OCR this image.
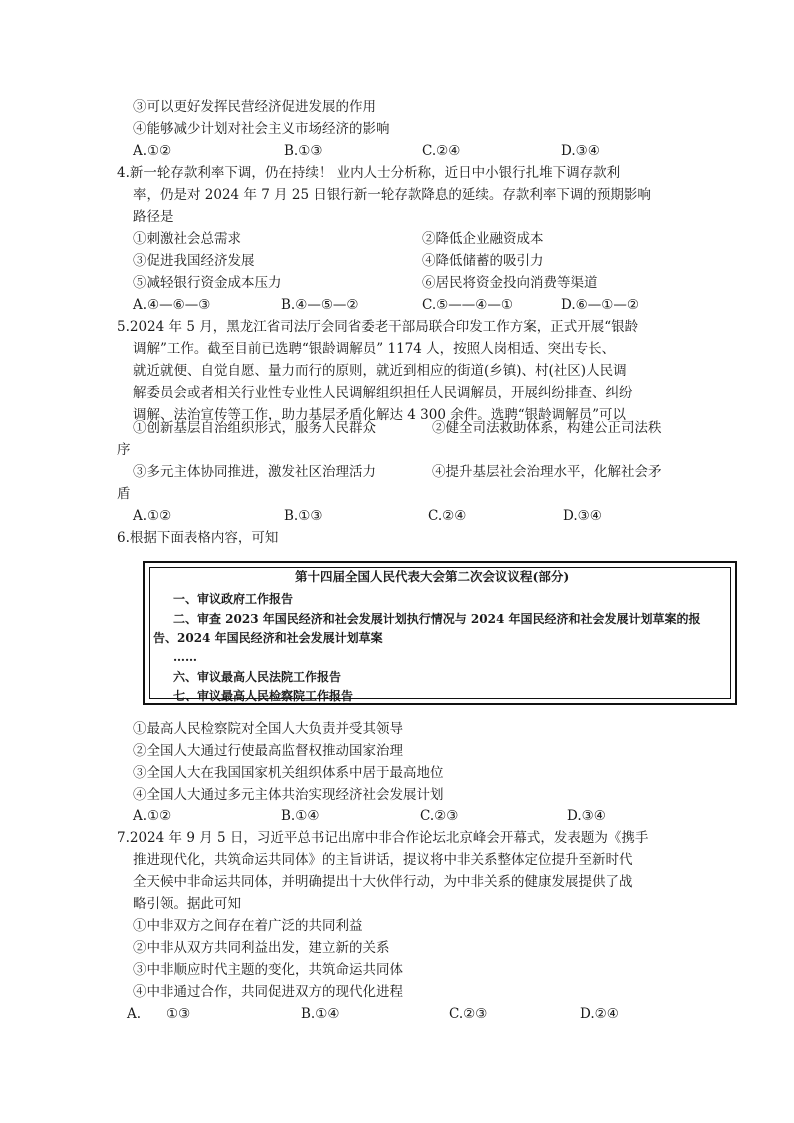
③可以更好发挥民营经济促进发展的作用
④能够减少计划对社会主义市场经济的影响
A.①②	B.①③	C.②④	D.③④
4.新一轮存款利率下调，仍在持续！ 业内人士分析称，近日中小银行扎堆下调存款利
率，仍是对 2024 年 7 月 25 日银行新一轮存款降息的延续。存款利率下调的预期影响
路径是
①刺激社会总需求	②降低企业融资成本
③促进我国经济发展	④降低储蓄的吸引力
⑤减轻银行资金成本压力	⑥居民将资金投向消费等渠道
A.④—⑥—③	B.④—⑤—②	C.⑤——④—①	D.⑥—①—②
5.2024 年 5 月，黑龙江省司法厅会同省委老干部局联合印发工作方案，正式开展“银龄
调解”工作。截至目前已选聘“银龄调解员” 1174 人，按照人岗相适、突出专长、
就近就便、自觉自愿、量力而行的原则，就近到相应的街道(乡镇)、村(社区)人民调
解委员会或者相关行业性专业性人民调解组织担任人民调解员，开展纠纷排查、纠纷
调解、法治宣传等工作，助力基层矛盾化解达 4 300 余件。选聘“银龄调解员”可以
①创新基层自治组织形式，服务人民群众	②健全司法救助体系，构建公正司法秩
序
③多元主体协同推进，激发社区治理活力	④提升基层社会治理水平，化解社会矛
盾
A.①②	B.①③	C.②④	D.③④
6.根据下面表格内容，可知
第十四届全国人民代表大会第二次会议议程(部分)
一、审议政府工作报告
二、审查 2023 年国民经济和社会发展计划执行情况与 2024 年国民经济和社会发展计划草案的报
告、2024 年国民经济和社会发展计划草案
……
六、审议最高人民法院工作报告
七、审议最高人民检察院工作报告
①最高人民检察院对全国人大负责并受其领导
②全国人大通过行使最高监督权推动国家治理
③全国人大在我国国家机关组织体系中居于最高地位
④全国人大通过多元主体共治实现经济社会发展计划
A.①②	B.①④	C.②③	D.③④
7.2024 年 9 月 5 日，习近平总书记出席中非合作论坛北京峰会开幕式，发表题为《携手
推进现代化，共筑命运共同体》的主旨讲话，提议将中非关系整体定位提升至新时代
全天候中非命运共同体，并明确提出十大伙伴行动，为中非关系的健康发展提供了战
略引领。据此可知
①中非双方之间存在着广泛的共同利益
②中非从双方共同利益出发，建立新的关系
③中非顺应时代主题的变化，共筑命运共同体
④中非通过合作，共同促进双方的现代化进程
A. ①③	B.①④	C.②③	D.②④
